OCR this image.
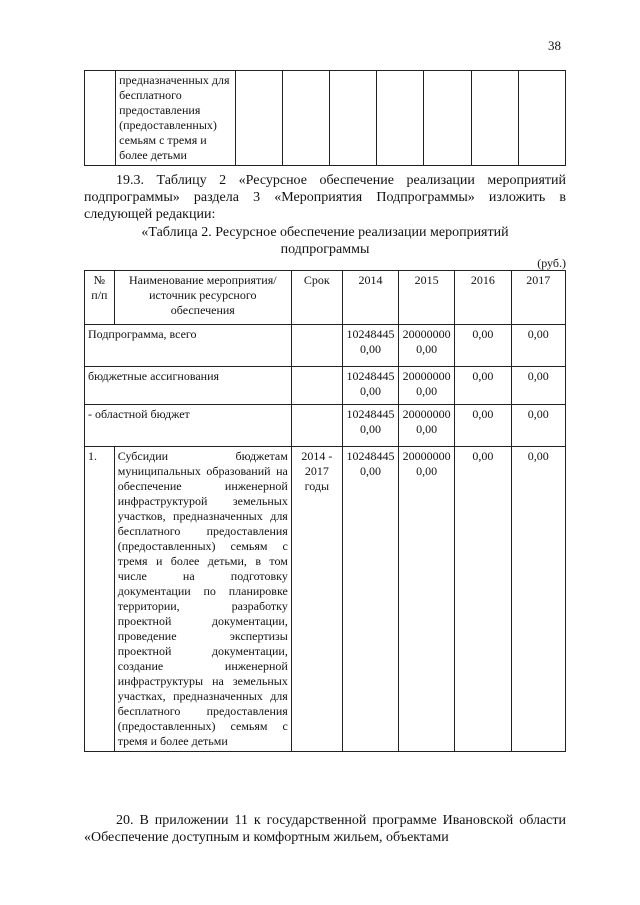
38
	предназначенных для бесплатного предоставления (предоставленных) семьям с тремя и более детьми							
19.3. Таблицу 2 «Ресурсное обеспечение реализации мероприятий подпрограммы» раздела 3 «Мероприятия Подпрограммы» изложить в следующей редакции:
«Таблица 2. Ресурсное обеспечение реализации мероприятий
подпрограммы
(руб.)
№ п/п	Наименование мероприятия/источник ресурсного обеспечения	Срок	2014	2015	2016	2017
Подпрограмма, всего			102484450,00	200000000,00	0,00	0,00
бюджетные ассигнования			102484450,00	200000000,00	0,00	0,00
- областной бюджет			102484450,00	200000000,00	0,00	0,00
1.	Субсидии бюджетам муниципальных образований на обеспечение инженерной инфраструктурой земельных участков, предназначенных для бесплатного предоставления (предоставленных) семьям с тремя и более детьми, в том числе на подготовку документации по планировке территории, разработку проектной документации, проведение экспертизы проектной документации, создание инженерной инфраструктуры на земельных участках, предназначенных для бесплатного предоставления (предоставленных) семьям с тремя и более детьми	2014 - 2017 годы	102484450,00	200000000,00	0,00	0,00
20. В приложении 11 к государственной программе Ивановской области «Обеспечение доступным и комфортным жильем, объектами
